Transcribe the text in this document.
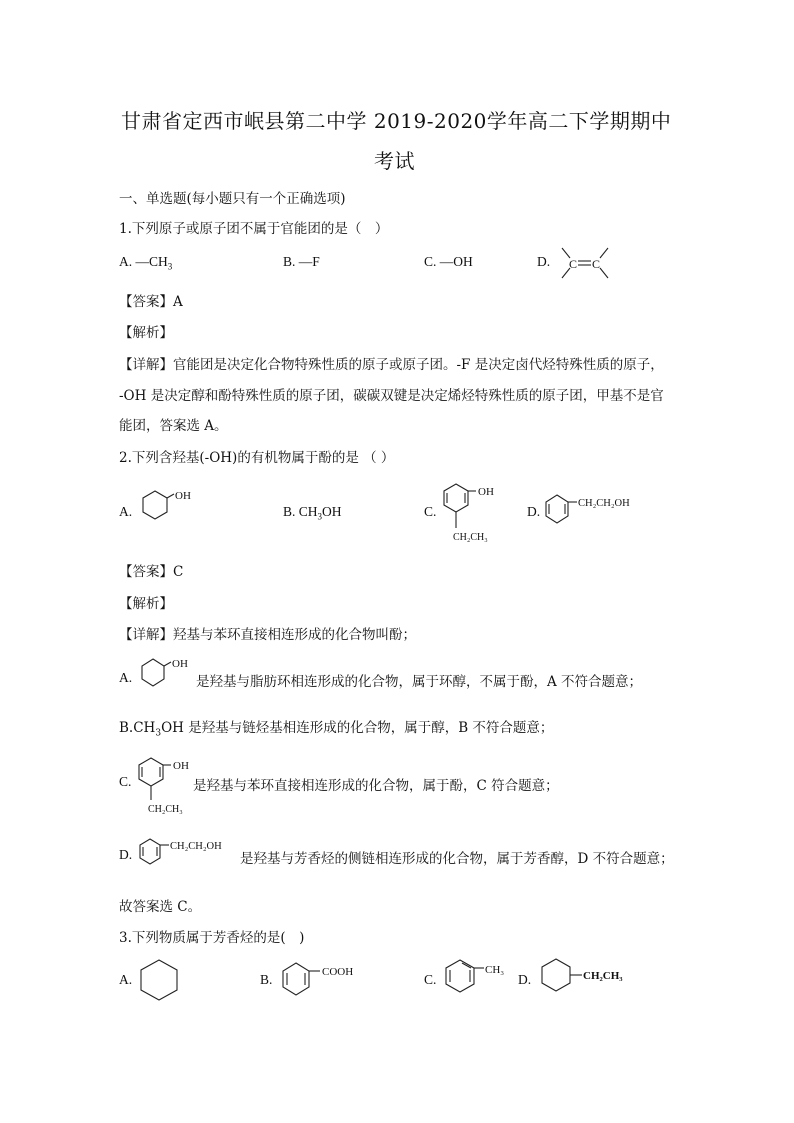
甘肃省定西市岷县第二中学 2019-2020学年高二下学期期中
考试
一、单选题(每小题只有一个正确选项)
1.下列原子或原子团不属于官能团的是（　）
A. $—CH_3$	B. —F	C. —OH	D. C C
【答案】A
【解析】
【详解】官能团是决定化合物特殊性质的原子或原子团。-F 是决定卤代烃特殊性质的原子，
-OH 是决定醇和酚特殊性质的原子团，碳碳双键是决定烯烃特殊性质的原子团，甲基不是官
能团，答案选 A。
2.下列含羟基(-OH)的有机物属于酚的是 （ ）
A.
OH
B. $CH_3OH$	C.
OH
CH₂CH₃
D.
CH₂CH₂OH
【答案】C
【解析】
【详解】羟基与苯环直接相连形成的化合物叫酚；
A.
OH
是羟基与脂肪环相连形成的化合物，属于环醇，不属于酚，A 不符合题意；
$B.CH_3OH$ 是羟基与链烃基相连形成的化合物，属于醇，B 不符合题意；
C.
OH
CH₂CH₃
是羟基与苯环直接相连形成的化合物，属于酚，C 符合题意；
D.
CH₂CH₂OH
是羟基与芳香烃的侧链相连形成的化合物，属于芳香醇，D 不符合题意；
故答案选 C。
3.下列物质属于芳香烃的是(　)
A.	B.	COOH	C.
CH₃
D.	CH₂CH₃
